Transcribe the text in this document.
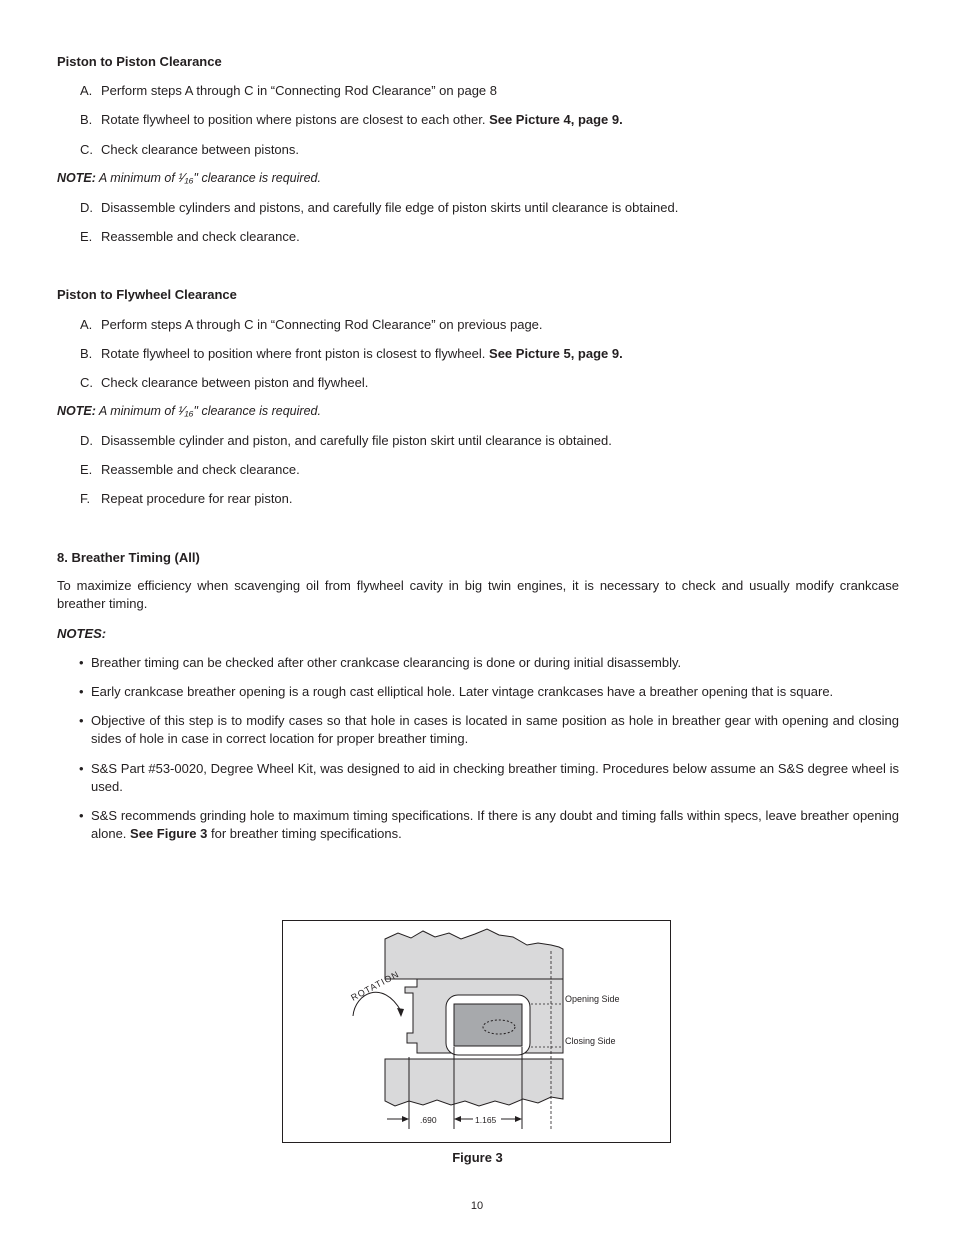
Piston to Piston Clearance
A. Perform steps A through C in “Connecting Rod Clearance” on page 8
B. Rotate flywheel to position where pistons are closest to each other. See Picture 4, page 9.
C. Check clearance between pistons.
NOTE: A minimum of ¹⁄₁₆" clearance is required.
D. Disassemble cylinders and pistons, and carefully file edge of piston skirts until clearance is obtained.
E. Reassemble and check clearance.
Piston to Flywheel Clearance
A. Perform steps A through C in “Connecting Rod Clearance” on previous page.
B. Rotate flywheel to position where front piston is closest to flywheel. See Picture 5, page 9.
C. Check clearance between piston and flywheel.
NOTE: A minimum of ¹⁄₁₆" clearance is required.
D. Disassemble cylinder and piston, and carefully file piston skirt until clearance is obtained.
E. Reassemble and check clearance.
F. Repeat procedure for rear piston.
8. Breather Timing (All)
To maximize efficiency when scavenging oil from flywheel cavity in big twin engines, it is necessary to check and usually modify crankcase breather timing.
NOTES:
• Breather timing can be checked after other crankcase clearancing is done or during initial disassembly.
• Early crankcase breather opening is a rough cast elliptical hole. Later vintage crankcases have a breather opening that is square.
• Objective of this step is to modify cases so that hole in cases is located in same position as hole in breather gear with opening and closing sides of hole in case in correct location for proper breather timing.
• S&S Part #53-0020, Degree Wheel Kit, was designed to aid in checking breather timing. Procedures below assume an S&S degree wheel is used.
• S&S recommends grinding hole to maximum timing specifications. If there is any doubt and timing falls within specs, leave breather opening alone. See Figure 3 for breather timing specifications.
ROTATION	Opening Side
Closing Side
.690	1.165
Figure 3
10
